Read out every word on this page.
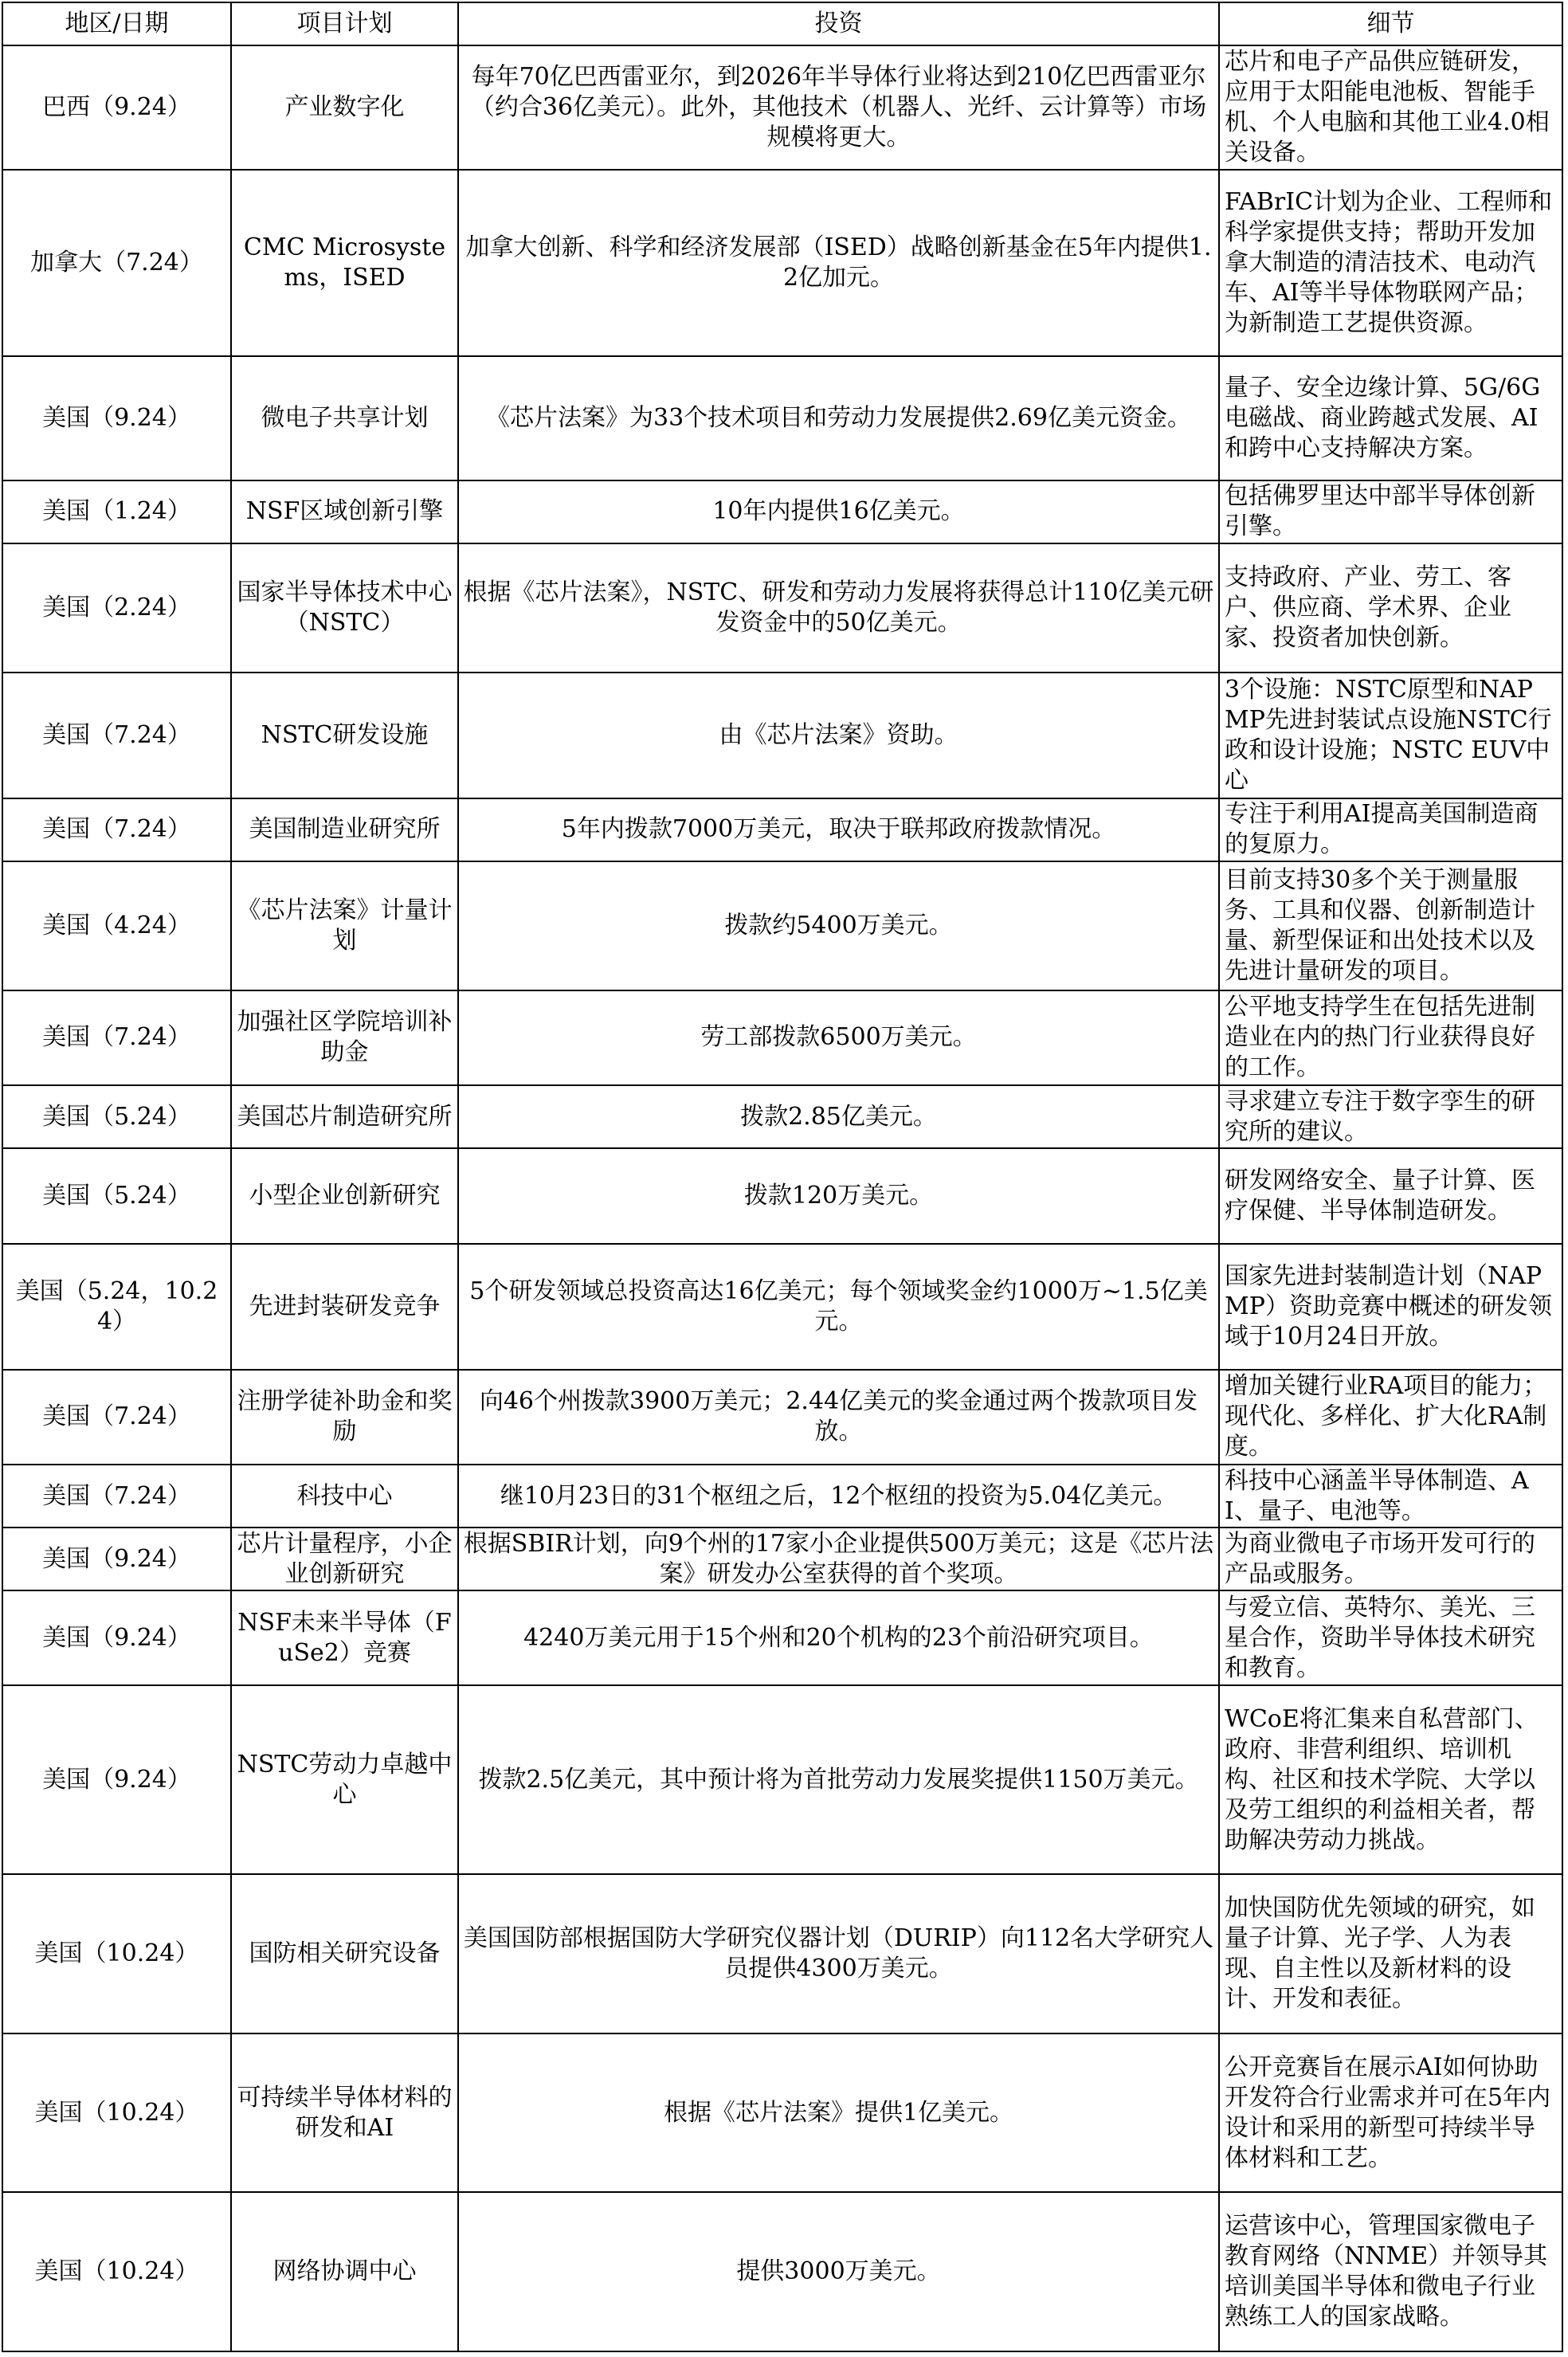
地区/日期	项目计划	投资	细节
巴西（9.24）	产业数字化	每年70亿巴西雷亚尔，到2026年半导体行业将达到210亿巴西雷亚尔（约合36亿美元）。此外，其他技术（机器人、光纤、云计算等）市场规模将更大。	芯片和电子产品供应链研发，应用于太阳能电池板、智能手机、个人电脑和其他工业4.0相关设备。
加拿大（7.24）	CMC Microsystems，ISED	加拿大创新、科学和经济发展部（ISED）战略创新基金在5年内提供1.2亿加元。	FABrIC计划为企业、工程师和科学家提供支持；帮助开发加拿大制造的清洁技术、电动汽车、AI等半导体物联网产品；为新制造工艺提供资源。
美国（9.24）	微电子共享计划	《芯片法案》为33个技术项目和劳动力发展提供2.69亿美元资金。	量子、安全边缘计算、5G/6G电磁战、商业跨越式发展、AI和跨中心支持解决方案。
美国（1.24）	NSF区域创新引擎	10年内提供16亿美元。	包括佛罗里达中部半导体创新引擎。
美国（2.24）	国家半导体技术中心（NSTC）	根据《芯片法案》，NSTC、研发和劳动力发展将获得总计110亿美元研发资金中的50亿美元。	支持政府、产业、劳工、客户、供应商、学术界、企业家、投资者加快创新。
美国（7.24）	NSTC研发设施	由《芯片法案》资助。	3个设施：NSTC原型和NAPMP先进封装试点设施NSTC行政和设计设施；NSTC EUV中心
美国（7.24）	美国制造业研究所	5年内拨款7000万美元，取决于联邦政府拨款情况。	专注于利用AI提高美国制造商的复原力。
美国（4.24）	《芯片法案》计量计划	拨款约5400万美元。	目前支持30多个关于测量服务、工具和仪器、创新制造计量、新型保证和出处技术以及先进计量研发的项目。
美国（7.24）	加强社区学院培训补助金	劳工部拨款6500万美元。	公平地支持学生在包括先进制造业在内的热门行业获得良好的工作。
美国（5.24）	美国芯片制造研究所	拨款2.85亿美元。	寻求建立专注于数字孪生的研究所的建议。
美国（5.24）	小型企业创新研究	拨款120万美元。	研发网络安全、量子计算、医疗保健、半导体制造研发。
美国（5.24，10.24）	先进封装研发竞争	5个研发领域总投资高达16亿美元；每个领域奖金约1000万~1.5亿美元。	国家先进封装制造计划（NAPMP）资助竞赛中概述的研发领域于10月24日开放。
美国（7.24）	注册学徒补助金和奖励	向46个州拨款3900万美元；2.44亿美元的奖金通过两个拨款项目发放。	增加关键行业RA项目的能力；现代化、多样化、扩大化RA制度。
美国（7.24）	科技中心	继10月23日的31个枢纽之后，12个枢纽的投资为5.04亿美元。	科技中心涵盖半导体制造、AI、量子、电池等。
美国（9.24）	芯片计量程序，小企业创新研究	根据SBIR计划，向9个州的17家小企业提供500万美元；这是《芯片法案》研发办公室获得的首个奖项。	为商业微电子市场开发可行的产品或服务。
美国（9.24）	NSF未来半导体（FuSe2）竞赛	4240万美元用于15个州和20个机构的23个前沿研究项目。	与爱立信、英特尔、美光、三星合作，资助半导体技术研究和教育。
美国（9.24）	NSTC劳动力卓越中心	拨款2.5亿美元，其中预计将为首批劳动力发展奖提供1150万美元。	WCoE将汇集来自私营部门、政府、非营利组织、培训机构、社区和技术学院、大学以及劳工组织的利益相关者，帮助解决劳动力挑战。
美国（10.24）	国防相关研究设备	美国国防部根据国防大学研究仪器计划（DURIP）向112名大学研究人员提供4300万美元。	加快国防优先领域的研究，如量子计算、光子学、人为表现、自主性以及新材料的设计、开发和表征。
美国（10.24）	可持续半导体材料的研发和AI	根据《芯片法案》提供1亿美元。	公开竞赛旨在展示AI如何协助开发符合行业需求并可在5年内设计和采用的新型可持续半导体材料和工艺。
美国（10.24）	网络协调中心	提供3000万美元。	运营该中心，管理国家微电子教育网络（NNME）并领导其培训美国半导体和微电子行业熟练工人的国家战略。
